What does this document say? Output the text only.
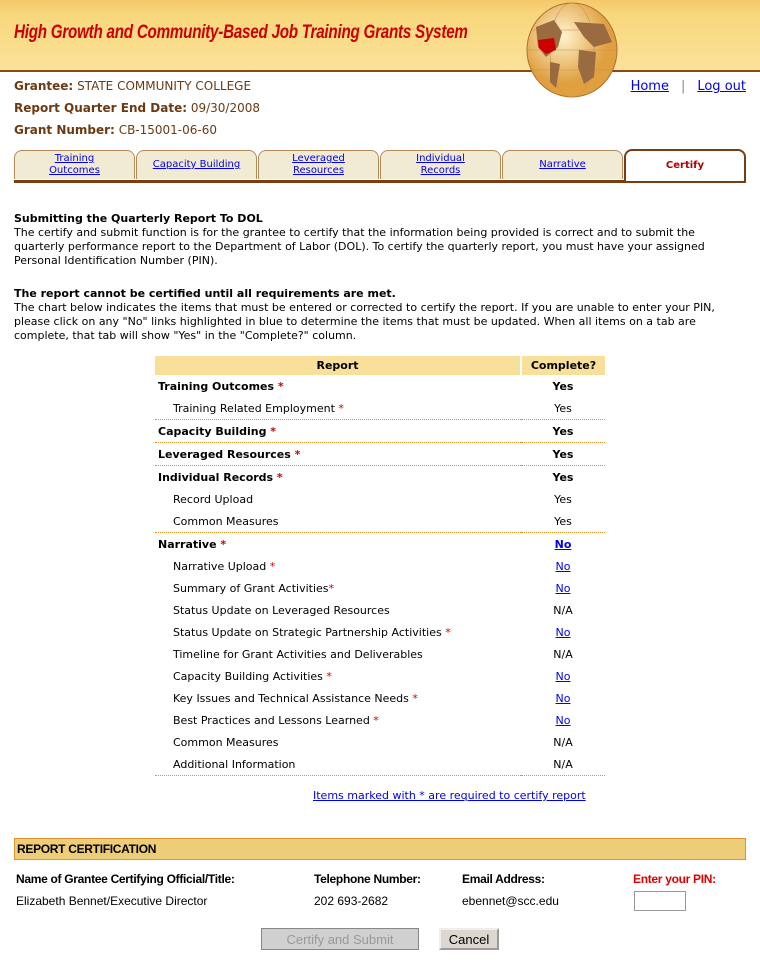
High Growth and Community-Based Job Training Grants System
Grantee: STATE COMMUNITY COLLEGE
Report Quarter End Date: 09/30/2008
Grant Number: CB-15001-06-60
Home | Log out
Training
Outcomes
Capacity Building
Leveraged
Resources
Individual
Records
Narrative	Certify
Submitting the Quarterly Report To DOL
The certify and submit function is for the grantee to certify that the information being provided is correct and to submit the quarterly performance report to the Department of Labor (DOL). To certify the quarterly report, you must have your assigned Personal Identification Number (PIN).
The report cannot be certified until all requirements are met.
The chart below indicates the items that must be entered or corrected to certify the report. If you are unable to enter your PIN, please click on any "No" links highlighted in blue to determine the items that must be updated. When all items on a tab are complete, that tab will show "Yes" in the "Complete?" column.
Report	Complete?
Training Outcomes *	Yes
Training Related Employment *	Yes
Capacity Building *	Yes
Leveraged Resources *	Yes
Individual Records *	Yes
Record Upload	Yes
Common Measures	Yes
Narrative *	No
Narrative Upload *	No
Summary of Grant Activities*	No
Status Update on Leveraged Resources	N/A
Status Update on Strategic Partnership Activities *	No
Timeline for Grant Activities and Deliverables	N/A
Capacity Building Activities *	No
Key Issues and Technical Assistance Needs *	No
Best Practices and Lessons Learned *	No
Common Measures	N/A
Additional Information	N/A
Items marked with * are required to certify report
REPORT CERTIFICATION
Name of Grantee Certifying Official/Title:	Telephone Number:	Email Address:	Enter your PIN:
Elizabeth Bennet/Executive Director	202 693-2682	ebennet@scc.edu
Certify and Submit	Cancel
